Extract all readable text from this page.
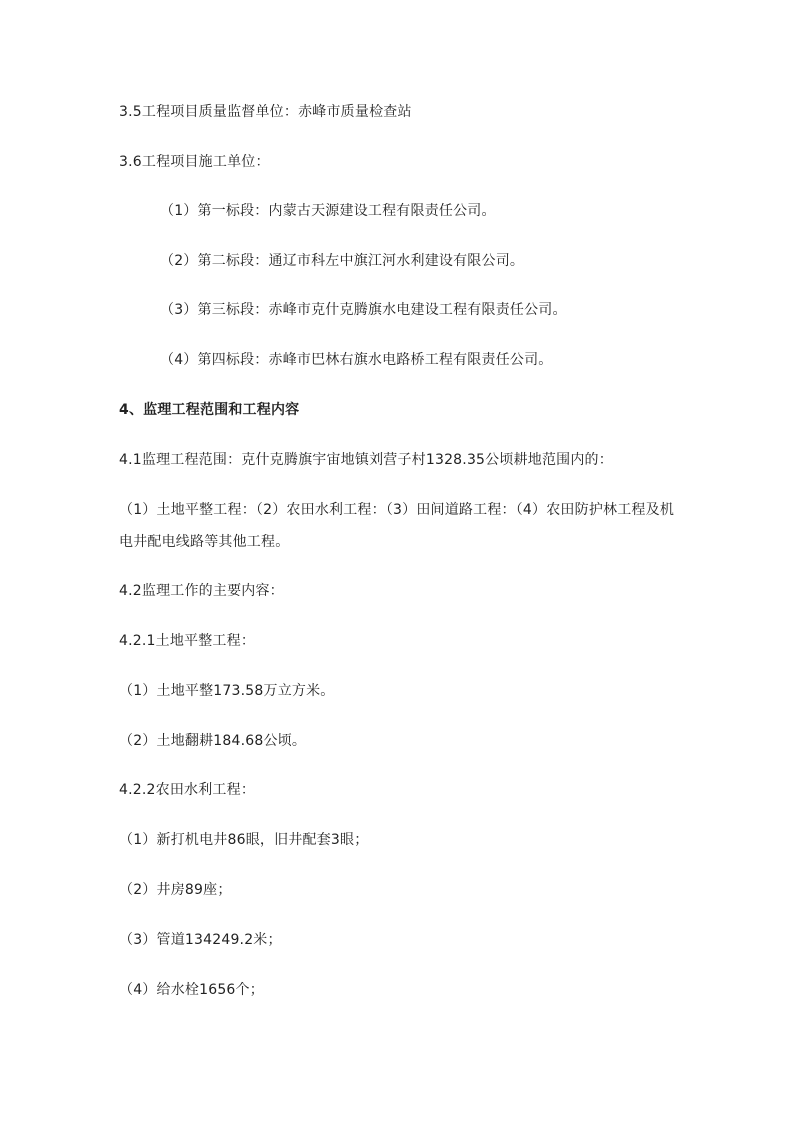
3.5工程项目质量监督单位：赤峰市质量检查站
3.6工程项目施工单位：
（1）第一标段：内蒙古天源建设工程有限责任公司。
（2）第二标段：通辽市科左中旗江河水利建设有限公司。
（3）第三标段：赤峰市克什克腾旗水电建设工程有限责任公司。
（4）第四标段：赤峰市巴林右旗水电路桥工程有限责任公司。
4、监理工程范围和工程内容
4.1监理工程范围：克什克腾旗宇宙地镇刘营子村1328.35公顷耕地范围内的：
（1）土地平整工程：（2）农田水利工程：（3）田间道路工程：（4）农田防护林工程及机
电井配电线路等其他工程。
4.2监理工作的主要内容：
4.2.1土地平整工程：
（1）土地平整173.58万立方米。
（2）土地翻耕184.68公顷。
4.2.2农田水利工程：
（1）新打机电井86眼，旧井配套3眼；
（2）井房89座；
（3）管道134249.2米；
（4）给水栓1656个；
